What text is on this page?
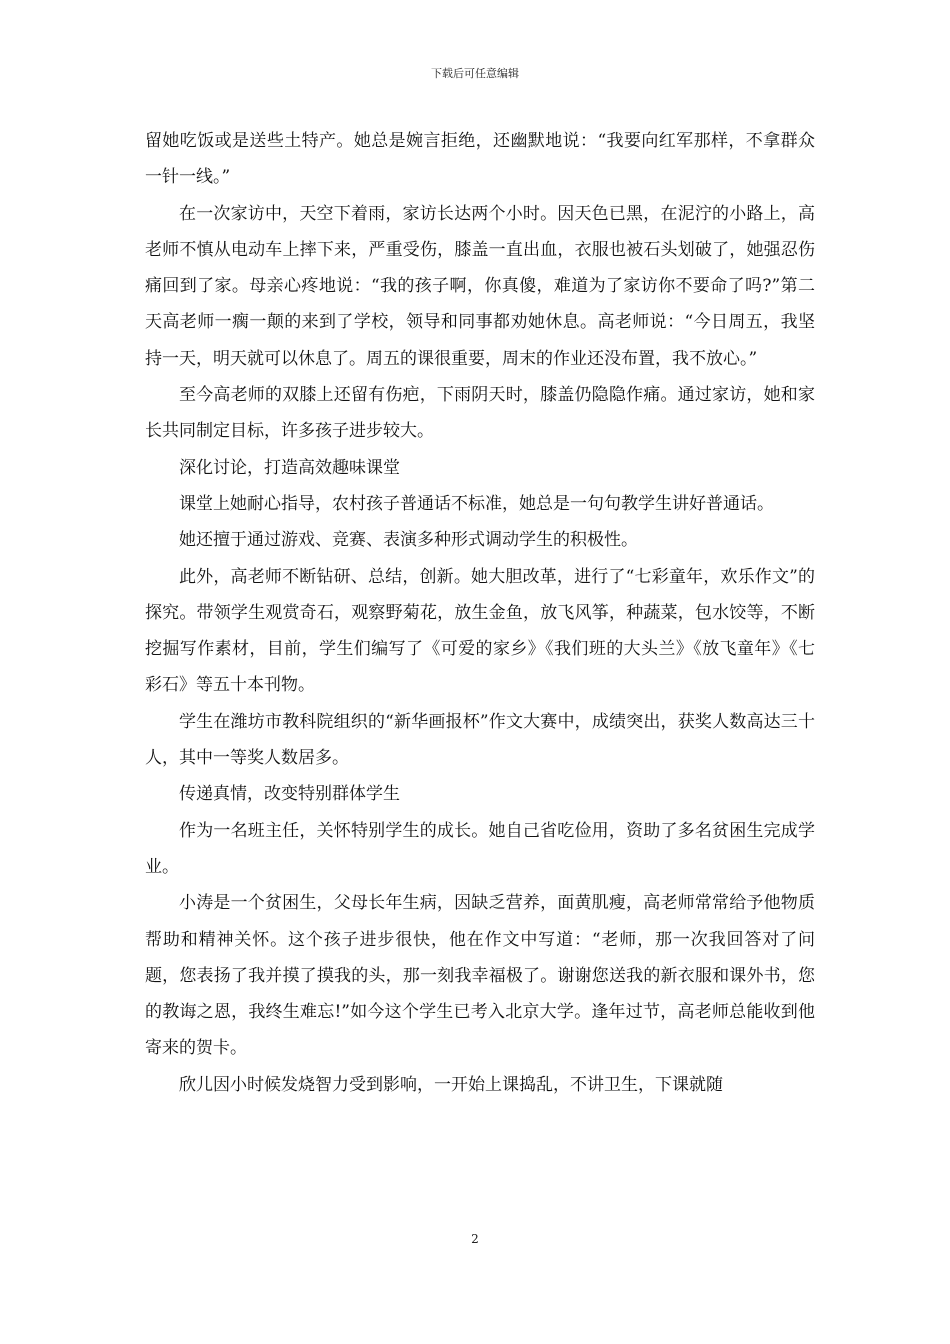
下载后可任意编辑

留她吃饭或是送些土特产。她总是婉言拒绝，还幽默地说：“我要向红军那样，不拿群众一针一线。”

在一次家访中，天空下着雨，家访长达两个小时。因天色已黑，在泥泞的小路上，高老师不慎从电动车上摔下来，严重受伤，膝盖一直出血，衣服也被石头划破了，她强忍伤痛回到了家。母亲心疼地说：“我的孩子啊，你真傻，难道为了家访你不要命了吗?”第二天高老师一瘸一颠的来到了学校，领导和同事都劝她休息。高老师说：“今日周五，我坚持一天，明天就可以休息了。周五的课很重要，周末的作业还没布置，我不放心。”

至今高老师的双膝上还留有伤疤，下雨阴天时，膝盖仍隐隐作痛。通过家访，她和家长共同制定目标，许多孩子进步较大。

深化讨论，打造高效趣味课堂

课堂上她耐心指导，农村孩子普通话不标准，她总是一句句教学生讲好普通话。

她还擅于通过游戏、竞赛、表演多种形式调动学生的积极性。

此外，高老师不断钻研、总结，创新。她大胆改革，进行了“七彩童年，欢乐作文”的探究。带领学生观赏奇石，观察野菊花，放生金鱼，放飞风筝，种蔬菜，包水饺等，不断挖掘写作素材，目前，学生们编写了《可爱的家乡》《我们班的大头兰》《放飞童年》《七彩石》等五十本刊物。

学生在潍坊市教科院组织的“新华画报杯”作文大赛中，成绩突出，获奖人数高达三十人，其中一等奖人数居多。

传递真情，改变特别群体学生

作为一名班主任，关怀特别学生的成长。她自己省吃俭用，资助了多名贫困生完成学业。

小涛是一个贫困生，父母长年生病，因缺乏营养，面黄肌瘦，高老师常常给予他物质帮助和精神关怀。这个孩子进步很快，他在作文中写道：“老师，那一次我回答对了问题，您表扬了我并摸了摸我的头，那一刻我幸福极了。谢谢您送我的新衣服和课外书，您的教诲之恩，我终生难忘!”如今这个学生已考入北京大学。逢年过节，高老师总能收到他寄来的贺卡。

欣儿因小时候发烧智力受到影响，一开始上课捣乱，不讲卫生，下课就随

2
